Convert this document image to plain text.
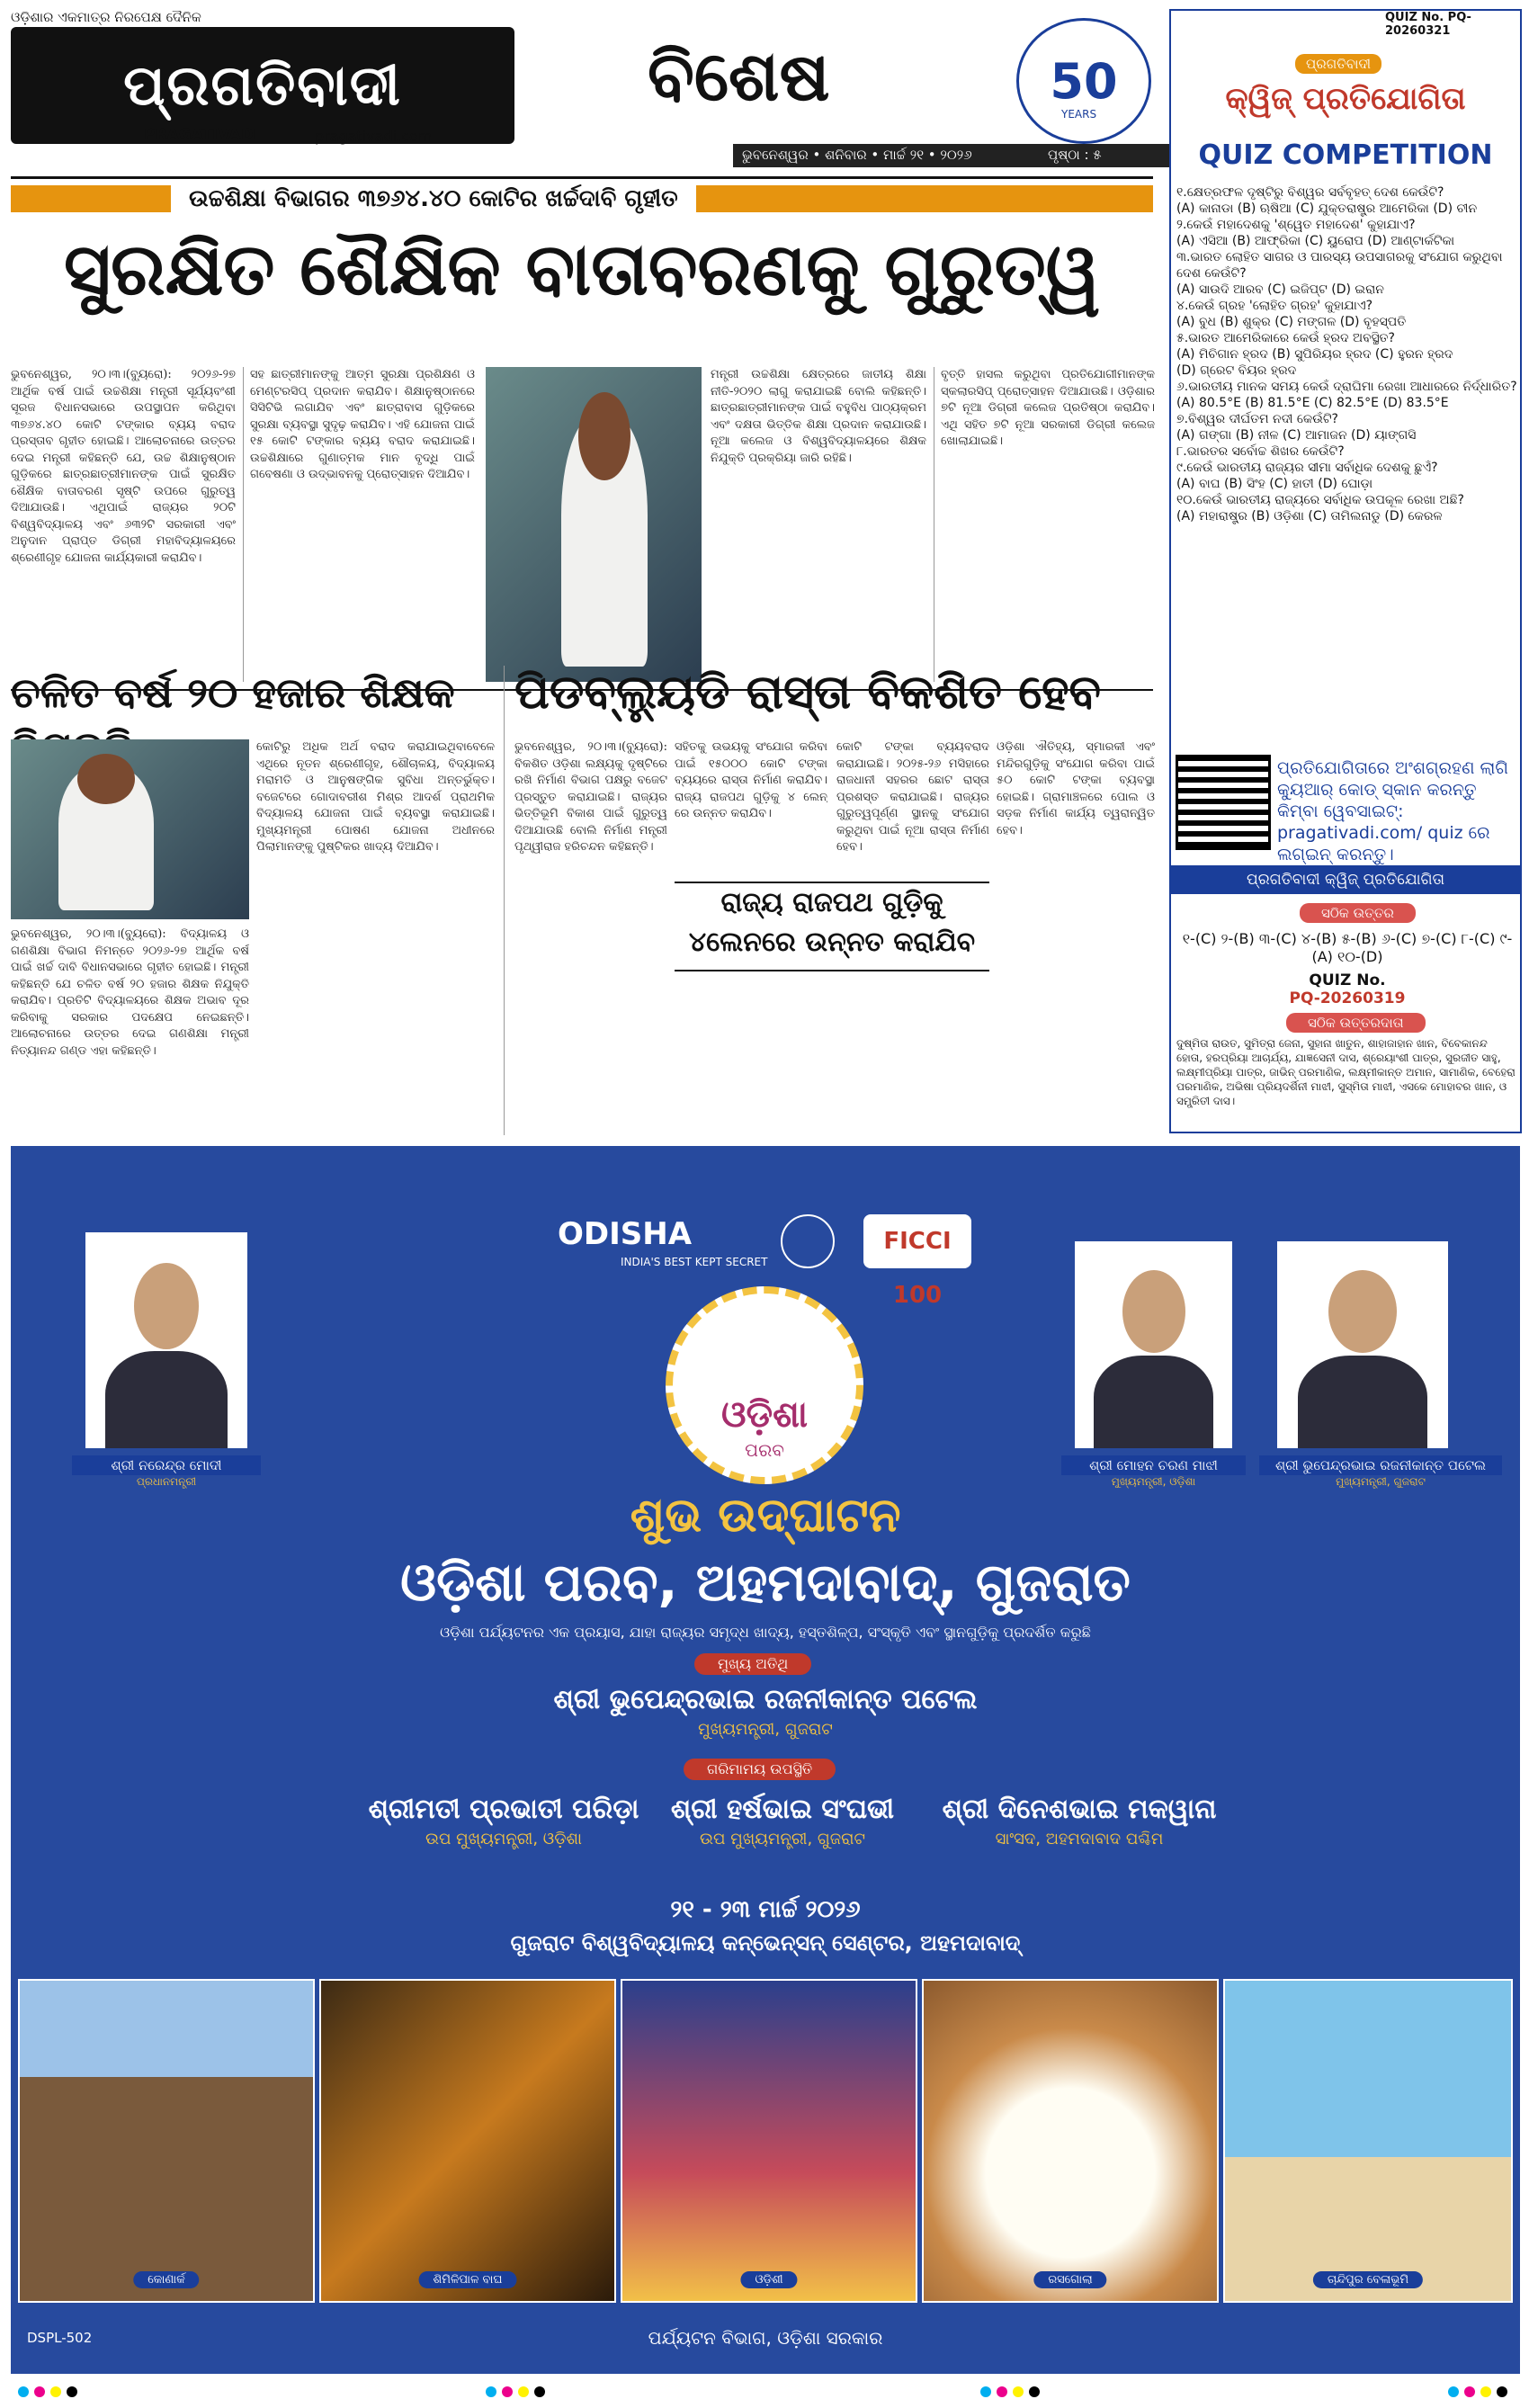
ଓଡ଼ିଶାର ଏକମାତ୍ର ନିରପେକ୍ଷ ଦୈନିକ
ପ୍ରଗତିବାଦୀ
PRAGATIVADI	pragativadi.com
ବିଶେଷ	50
YEARS
ଭୁବନେଶ୍ୱର • ଶନିବାର • ମାର୍ଚ୍ଚ ୨୧ • ୨୦୨୬	ପୃଷ୍ଠା : ୫
ଉଚ୍ଚଶିକ୍ଷା ବିଭାଗର ୩୭୬୪.୪୦ କୋଟିର ଖର୍ଚ୍ଚଦାବି ଗୃହୀତ
ସୁରକ୍ଷିତ ଶୈକ୍ଷିକ ବାତାବରଣକୁ ଗୁରୁତ୍ୱ
ଭୁବନେଶ୍ୱର, ୨୦।୩।(ବ୍ୟୁରୋ): ୨୦୨୬-୨୭ ଆର୍ଥିକ ବର୍ଷ ପାଇଁ ଉଚ୍ଚଶିକ୍ଷା ମନ୍ତ୍ରୀ ସୂର୍ଯ୍ୟବଂଶୀ ସୂରଜ ବିଧାନସଭାରେ ଉପସ୍ଥାପନ କରିଥିବା ୩୭୬୪.୪୦ କୋଟି ଟଙ୍କାର ବ୍ୟୟ ବରାଦ ପ୍ରସ୍ତାବ ଗୃହୀତ ହୋଇଛି। ଆଲୋଚନାରେ ଉତ୍ତର ଦେଇ ମନ୍ତ୍ରୀ କହିଛନ୍ତି ଯେ, ଉଚ୍ଚ ଶିକ୍ଷାନୁଷ୍ଠାନ ଗୁଡ଼ିକରେ ଛାତ୍ରଛାତ୍ରୀମାନଙ୍କ ପାଇଁ ସୁରକ୍ଷିତ ଶୈକ୍ଷିକ ବାତାବରଣ ସୃଷ୍ଟି ଉପରେ ଗୁରୁତ୍ୱ ଦିଆଯାଉଛି। ଏଥିପାଇଁ ରାଜ୍ୟର ୨୦ଟି ବିଶ୍ୱବିଦ୍ୟାଳୟ ଏବଂ ୬୩୨ଟି ସରକାରୀ ଏବଂ ଅନୁଦାନ ପ୍ରାପ୍ତ ଡିଗ୍ରୀ ମହାବିଦ୍ୟାଳୟରେ ଶ୍ରେଣୀଗୃହ ଯୋଜନା କାର୍ଯ୍ୟକାରୀ କରାଯିବ।
ସହ ଛାତ୍ରୀମାନଙ୍କୁ ଆତ୍ମ ସୁରକ୍ଷା ପ୍ରଶିକ୍ଷଣ ଓ ମେଣ୍ଟରସିପ୍ ପ୍ରଦାନ କରାଯିବ। ଶିକ୍ଷାନୁଷ୍ଠାନରେ ସିସିଟିଭି ଲଗାଯିବ ଏବଂ ଛାତ୍ରାବାସ ଗୁଡ଼ିକରେ ସୁରକ୍ଷା ବ୍ୟବସ୍ଥା ସୁଦୃଢ଼ କରାଯିବ। ଏହି ଯୋଜନା ପାଇଁ ୧୫ କୋଟି ଟଙ୍କାର ବ୍ୟୟ ବରାଦ କରାଯାଇଛି। ଉଚ୍ଚଶିକ୍ଷାରେ ଗୁଣାତ୍ମକ ମାନ ବୃଦ୍ଧି ପାଇଁ ଗବେଷଣା ଓ ଉଦ୍ଭାବନକୁ ପ୍ରୋତ୍ସାହନ ଦିଆଯିବ।
ମନ୍ତ୍ରୀ ଉଚ୍ଚଶିକ୍ଷା କ୍ଷେତ୍ରରେ ଜାତୀୟ ଶିକ୍ଷା ନୀତି-୨୦୨୦ ଲାଗୁ କରାଯାଇଛି ବୋଲି କହିଛନ୍ତି। ଛାତ୍ରଛାତ୍ରୀମାନଙ୍କ ପାଇଁ ବହୁବିଧ ପାଠ୍ୟକ୍ରମ ଏବଂ ଦକ୍ଷତା ଭିତ୍ତିକ ଶିକ୍ଷା ପ୍ରଦାନ କରାଯାଉଛି। ନୂଆ କଲେଜ ଓ ବିଶ୍ୱବିଦ୍ୟାଳୟରେ ଶିକ୍ଷକ ନିଯୁକ୍ତି ପ୍ରକ୍ରିୟା ଜାରି ରହିଛି।
ବୃତ୍ତି ହାସଲ କରୁଥିବା ପ୍ରତିଯୋଗୀମାନଙ୍କ ସ୍କଲାରସିପ୍ ପ୍ରୋତ୍ସାହନ ଦିଆଯାଉଛି। ଓଡ଼ିଶାର ୭ଟି ନୂଆ ଡିଗ୍ରୀ କଲେଜ ପ୍ରତିଷ୍ଠା କରାଯିବ। ଏଥି ସହିତ ୭ଟି ନୂଆ ସରକାରୀ ଡିଗ୍ରୀ କଲେଜ ଖୋଲାଯାଇଛି।
ଚଳିତ ବର୍ଷ ୨୦ ହଜାର ଶିକ୍ଷକ
କୋଟିରୁ ଅଧିକ ଅର୍ଥ ବରାଦ କରାଯାଇଥିବାବେଳେ ଏଥିରେ ନୂତନ ଶ୍ରେଣୀଗୃହ, ଶୌଚାଳୟ, ବିଦ୍ୟାଳୟ ମରାମତି ଓ ଆନୁଷଙ୍ଗିକ ସୁବିଧା ଅନ୍ତର୍ଭୁକ୍ତ। ବଜେଟରେ ଗୋଦାବରୀଶ ମିଶ୍ର ଆଦର୍ଶ ପ୍ରାଥମିକ ବିଦ୍ୟାଳୟ ଯୋଜନା ପାଇଁ ବ୍ୟବସ୍ଥା କରାଯାଇଛି। ମୁଖ୍ୟମନ୍ତ୍ରୀ ପୋଷଣ ଯୋଜନା ଅଧୀନରେ ପିଲାମାନଙ୍କୁ ପୁଷ୍ଟିକର ଖାଦ୍ୟ ଦିଆଯିବ।
ଭୁବନେଶ୍ୱର, ୨୦।୩।(ବ୍ୟୁରୋ): ବିଦ୍ୟାଳୟ ଓ ଗଣଶିକ୍ଷା ବିଭାଗ ନିମନ୍ତେ ୨୦୨୬-୨୭ ଆର୍ଥିକ ବର୍ଷ ପାଇଁ ଖର୍ଚ୍ଚ ଦାବି ବିଧାନସଭାରେ ଗୃହୀତ ହୋଇଛି। ମନ୍ତ୍ରୀ କହିଛନ୍ତି ଯେ ଚଳିତ ବର୍ଷ ୨୦ ହଜାର ଶିକ୍ଷକ ନିଯୁକ୍ତି କରାଯିବ। ପ୍ରତିଟି ବିଦ୍ୟାଳୟରେ ଶିକ୍ଷକ ଅଭାବ ଦୂର କରିବାକୁ ସରକାର ପଦକ୍ଷେପ ନେଇଛନ୍ତି। ଆଲୋଚନାରେ ଉତ୍ତର ଦେଇ ଗଣଶିକ୍ଷା ମନ୍ତ୍ରୀ ନିତ୍ୟାନନ୍ଦ ଗଣ୍ଡ ଏହା କହିଛନ୍ତି।
ପିଡବ୍ଲ୍ୟୁଡି ରାସ୍ତା ବିକଶିତ ହେବ
ଭୁବନେଶ୍ୱର, ୨୦।୩।(ବ୍ୟୁରୋ): ବିକଶିତ ଓଡ଼ିଶା ଲକ୍ଷ୍ୟକୁ ଦୃଷ୍ଟିରେ ରଖି ନିର୍ମାଣ ବିଭାଗ ପକ୍ଷରୁ ବଜେଟ ପ୍ରସ୍ତୁତ କରାଯାଇଛି। ରାଜ୍ୟର ଭିତ୍ତିଭୂମି ବିକାଶ ପାଇଁ ଗୁରୁତ୍ୱ ଦିଆଯାଉଛି ବୋଲି ନିର୍ମାଣ ମନ୍ତ୍ରୀ ପୃଥ୍ୱୀରାଜ ହରିଚନ୍ଦନ କହିଛନ୍ତି।
ସହିତକୁ ଉଭୟକୁ ସଂଯୋଗ କରିବା ପାଇଁ ୧୫୦୦୦ କୋଟି ଟଙ୍କା ବ୍ୟୟରେ ରାସ୍ତା ନିର୍ମାଣ କରାଯିବ। ରାଜ୍ୟ ରାଜପଥ ଗୁଡ଼ିକୁ ୪ ଲେନ୍ ରେ ଉନ୍ନତ କରାଯିବ।
ରାଜ୍ୟ ରାଜପଥ ଗୁଡ଼ିକୁ ୪ଲେନରେ ଉନ୍ନତ କରାଯିବ
କୋଟି ଟଙ୍କା ବ୍ୟୟବରାଦ କରାଯାଇଛି। ୨୦୨୫-୨୬ ମସିହାରେ ରାଜଧାନୀ ସହରର ଛୋଟ ରାସ୍ତା ପ୍ରଶସ୍ତ କରାଯାଇଛି। ରାଜ୍ୟର ଗୁରୁତ୍ୱପୂର୍ଣ୍ଣ ସ୍ଥାନକୁ ସଂଯୋଗ କରୁଥିବା ପାଇଁ ନୂଆ ରାସ୍ତା ନିର୍ମାଣ ହେବ।
ଓଡ଼ିଶା ଐତିହ୍ୟ, ସ୍ମାରକୀ ଏବଂ ମନ୍ଦିରଗୁଡ଼ିକୁ ସଂଯୋଗ କରିବା ପାଇଁ ୫୦ କୋଟି ଟଙ୍କା ବ୍ୟବସ୍ଥା ହୋଇଛି। ଗ୍ରାମାଞ୍ଚଳରେ ପୋଲ ଓ ସଡ଼କ ନିର୍ମାଣ କାର୍ଯ୍ୟ ତ୍ୱରାନ୍ୱିତ ହେବ।
QUIZ No. PQ-20260321
ପ୍ରଗତିବାଦୀ
କ୍ୱିଜ୍ ପ୍ରତିଯୋଗିତା
QUIZ COMPETITION
୧.କ୍ଷେତ୍ରଫଳ ଦୃଷ୍ଟିରୁ ବିଶ୍ୱର ସର୍ବବୃହତ୍ ଦେଶ କେଉଁଟି?
(A) କାନାଡା (B) ଋଷିଆ (C) ଯୁକ୍ତରାଷ୍ଟ୍ର ଆମେରିକା (D) ଚୀନ
୨.କେଉଁ ମହାଦେଶକୁ 'ଶ୍ୱେତ ମହାଦେଶ' କୁହାଯାଏ?
(A) ଏସିଆ (B) ଆଫ୍ରିକା (C) ୟୁରୋପ (D) ଆଣ୍ଟାର୍କଟିକା
୩.ଭାରତ ଲୋହିତ ସାଗର ଓ ପାରସ୍ୟ ଉପସାଗରକୁ ସଂଯୋଗ କରୁଥିବା ଦେଶ କେଉଁଟି?
(A) ସାଉଦି ଆରବ (C) ଇଜିପ୍ଟ (D) ଇରାନ
୪.କେଉଁ ଗ୍ରହ 'ଲୋହିତ ଗ୍ରହ' କୁହାଯାଏ?
(A) ବୁଧ (B) ଶୁକ୍ର (C) ମଙ୍ଗଳ (D) ବୃହସ୍ପତି
୫.ଭାରତ ଆମେରିକାରେ କେଉଁ ହ୍ରଦ ଅବସ୍ଥିତ?
(A) ମିଚିଗାନ ହ୍ରଦ (B) ସୁପିରିୟର ହ୍ରଦ (C) ହୁରନ ହ୍ରଦ
(D) ଗ୍ରେଟ ବିୟର ହ୍ରଦ
୬.ଭାରତୀୟ ମାନକ ସମୟ କେଉଁ ଦ୍ରାଘିମା ରେଖା ଆଧାରରେ ନିର୍ଦ୍ଧାରିତ?
(A) 80.5°E (B) 81.5°E (C) 82.5°E (D) 83.5°E
୭.ବିଶ୍ୱର ଦୀର୍ଘତମ ନଦୀ କେଉଁଟି?
(A) ଗଙ୍ଗା (B) ନୀଳ (C) ଆମାଜନ (D) ୟାଙ୍ଗସି
୮.ଭାରତର ସର୍ବୋଚ୍ଚ ଶିଖର କେଉଁଟି?
୯.କେଉଁ ଭାରତୀୟ ରାଜ୍ୟର ସୀମା ସର୍ବାଧିକ ଦେଶକୁ ଛୁଏଁ?
(A) ବାଘ (B) ସିଂହ (C) ହାତୀ (D) ଘୋଡ଼ା
୧୦.କେଉଁ ଭାରତୀୟ ରାଜ୍ୟରେ ସର୍ବାଧିକ ଉପକୂଳ ରେଖା ଅଛି?
(A) ମହାରାଷ୍ଟ୍ର (B) ଓଡ଼ିଶା (C) ତାମିଲନାଡୁ (D) କେରଳ
ପ୍ରତିଯୋଗିତାରେ ଅଂଶଗ୍ରହଣ ଲାଗି କ୍ୟୁଆର୍ କୋଡ୍ ସ୍କାନ କରନ୍ତୁ କିମ୍ବା ୱେବସାଇଟ୍: pragativadi.com/ quiz ରେ ଲଗ୍ଇନ୍ କରନ୍ତୁ।
ପ୍ରଗତିବାଦୀ କ୍ୱିଜ୍ ପ୍ରତିଯୋଗିତା
ସଠିକ ଉତ୍ତର
୧-(C) ୨-(B) ୩-(C) ୪-(B) ୫-(B) ୬-(C) ୭-(C) ୮-(C) ୯-(A) ୧୦-(D)
QUIZ No.
PQ-20260319
ସଠିକ ଉତ୍ତରଦାତା
ଦୁଷ୍ମିତା ରାଉତ, ସୁମିତ୍ରା ଜେନା, ସୁହାନା ଖାତୁନ, ଶାହାଜାହାନ ଖାନ, ବିବେକାନନ୍ଦ ହୋତା, ହରପ୍ରିୟା ଆଚାର୍ଯ୍ୟ, ଯାଜ୍ଞସେନୀ ଦାସ, ଶ୍ରେୟାଂଶୀ ପାତ୍ର, ସୁରଜୀତ ସାହୁ, ଲକ୍ଷ୍ମୀପ୍ରିୟା ପାତ୍ର, ଜାଭିନ୍ ପରମାଣିକ, ଲକ୍ଷ୍ମୀକାନ୍ତ ଅମାନ, ସାମାଣିକ, ବେହେରା ପରମାଣିକ, ଅଭିଷା ପ୍ରିୟଦର୍ଶିନୀ ମାଝୀ, ସୁସ୍ମିତା ମାଝୀ, ଏସକେ ମୋହାବର ଖାନ, ଓ ସମ୍ପ୍ରିତୀ ଦାସ।
ODISHA
INDIA'S BEST KEPT SECRET
FICCI 100
ଓଡ଼ିଶା
ପରବ
ଶ୍ରୀ ନରେନ୍ଦ୍ର ମୋଦୀ
ପ୍ରଧାନମନ୍ତ୍ରୀ
ଶ୍ରୀ ମୋହନ ଚରଣ ମାଝୀ
ମୁଖ୍ୟମନ୍ତ୍ରୀ, ଓଡ଼ିଶା
ଶ୍ରୀ ଭୁପେନ୍ଦ୍ରଭାଇ ରଜନୀକାନ୍ତ ପଟେଲ
ମୁଖ୍ୟମନ୍ତ୍ରୀ, ଗୁଜରାଟ
ଶୁଭ ଉଦ୍‌ଘାଟନ
ଓଡ଼ିଶା ପରବ, ଅହମଦାବାଦ୍, ଗୁଜରାତ
ଓଡ଼ିଶା ପର୍ଯ୍ୟଟନର ଏକ ପ୍ରୟାସ, ଯାହା ରାଜ୍ୟର ସମୃଦ୍ଧ ଖାଦ୍ୟ, ହସ୍ତଶିଳ୍ପ, ସଂସ୍କୃତି ଏବଂ ସ୍ଥାନଗୁଡ଼ିକୁ ପ୍ରଦର୍ଶିତ କରୁଛି
ମୁଖ୍ୟ ଅତିଥି
ଶ୍ରୀ ଭୁପେନ୍ଦ୍ରଭାଇ ରଜନୀକାନ୍ତ ପଟେଲ
ମୁଖ୍ୟମନ୍ତ୍ରୀ, ଗୁଜରାଟ
ଗରିମାମୟ ଉପସ୍ଥିତି
ଶ୍ରୀମତୀ ପ୍ରଭାତୀ ପରିଡ଼ା
ଉପ ମୁଖ୍ୟମନ୍ତ୍ରୀ, ଓଡ଼ିଶା
ଶ୍ରୀ ହର୍ଷଭାଇ ସଂଘଭୀ
ଉପ ମୁଖ୍ୟମନ୍ତ୍ରୀ, ଗୁଜରାଟ
ଶ୍ରୀ ଦିନେଶଭାଇ ମକୱାନା
ସାଂସଦ, ଅହମଦାବାଦ ପଶ୍ଚିମ
୨୧ - ୨୩ ମାର୍ଚ୍ଚ ୨୦୨୬
ଗୁଜରାଟ ବିଶ୍ୱବିଦ୍ୟାଳୟ କନ୍‌ଭେନ୍‌ସନ୍ ସେଣ୍ଟର, ଅହମଦାବାଦ୍
କୋଣାର୍କ	ଶିମିଳିପାଳ ବାଘ	ଓଡ଼ିଶୀ	ରସଗୋଲା	ଚାନ୍ଦିପୁର ବେଳାଭୂମି
ପର୍ଯ୍ୟଟନ ବିଭାଗ, ଓଡ଼ିଶା ସରକାର
DSPL-502
